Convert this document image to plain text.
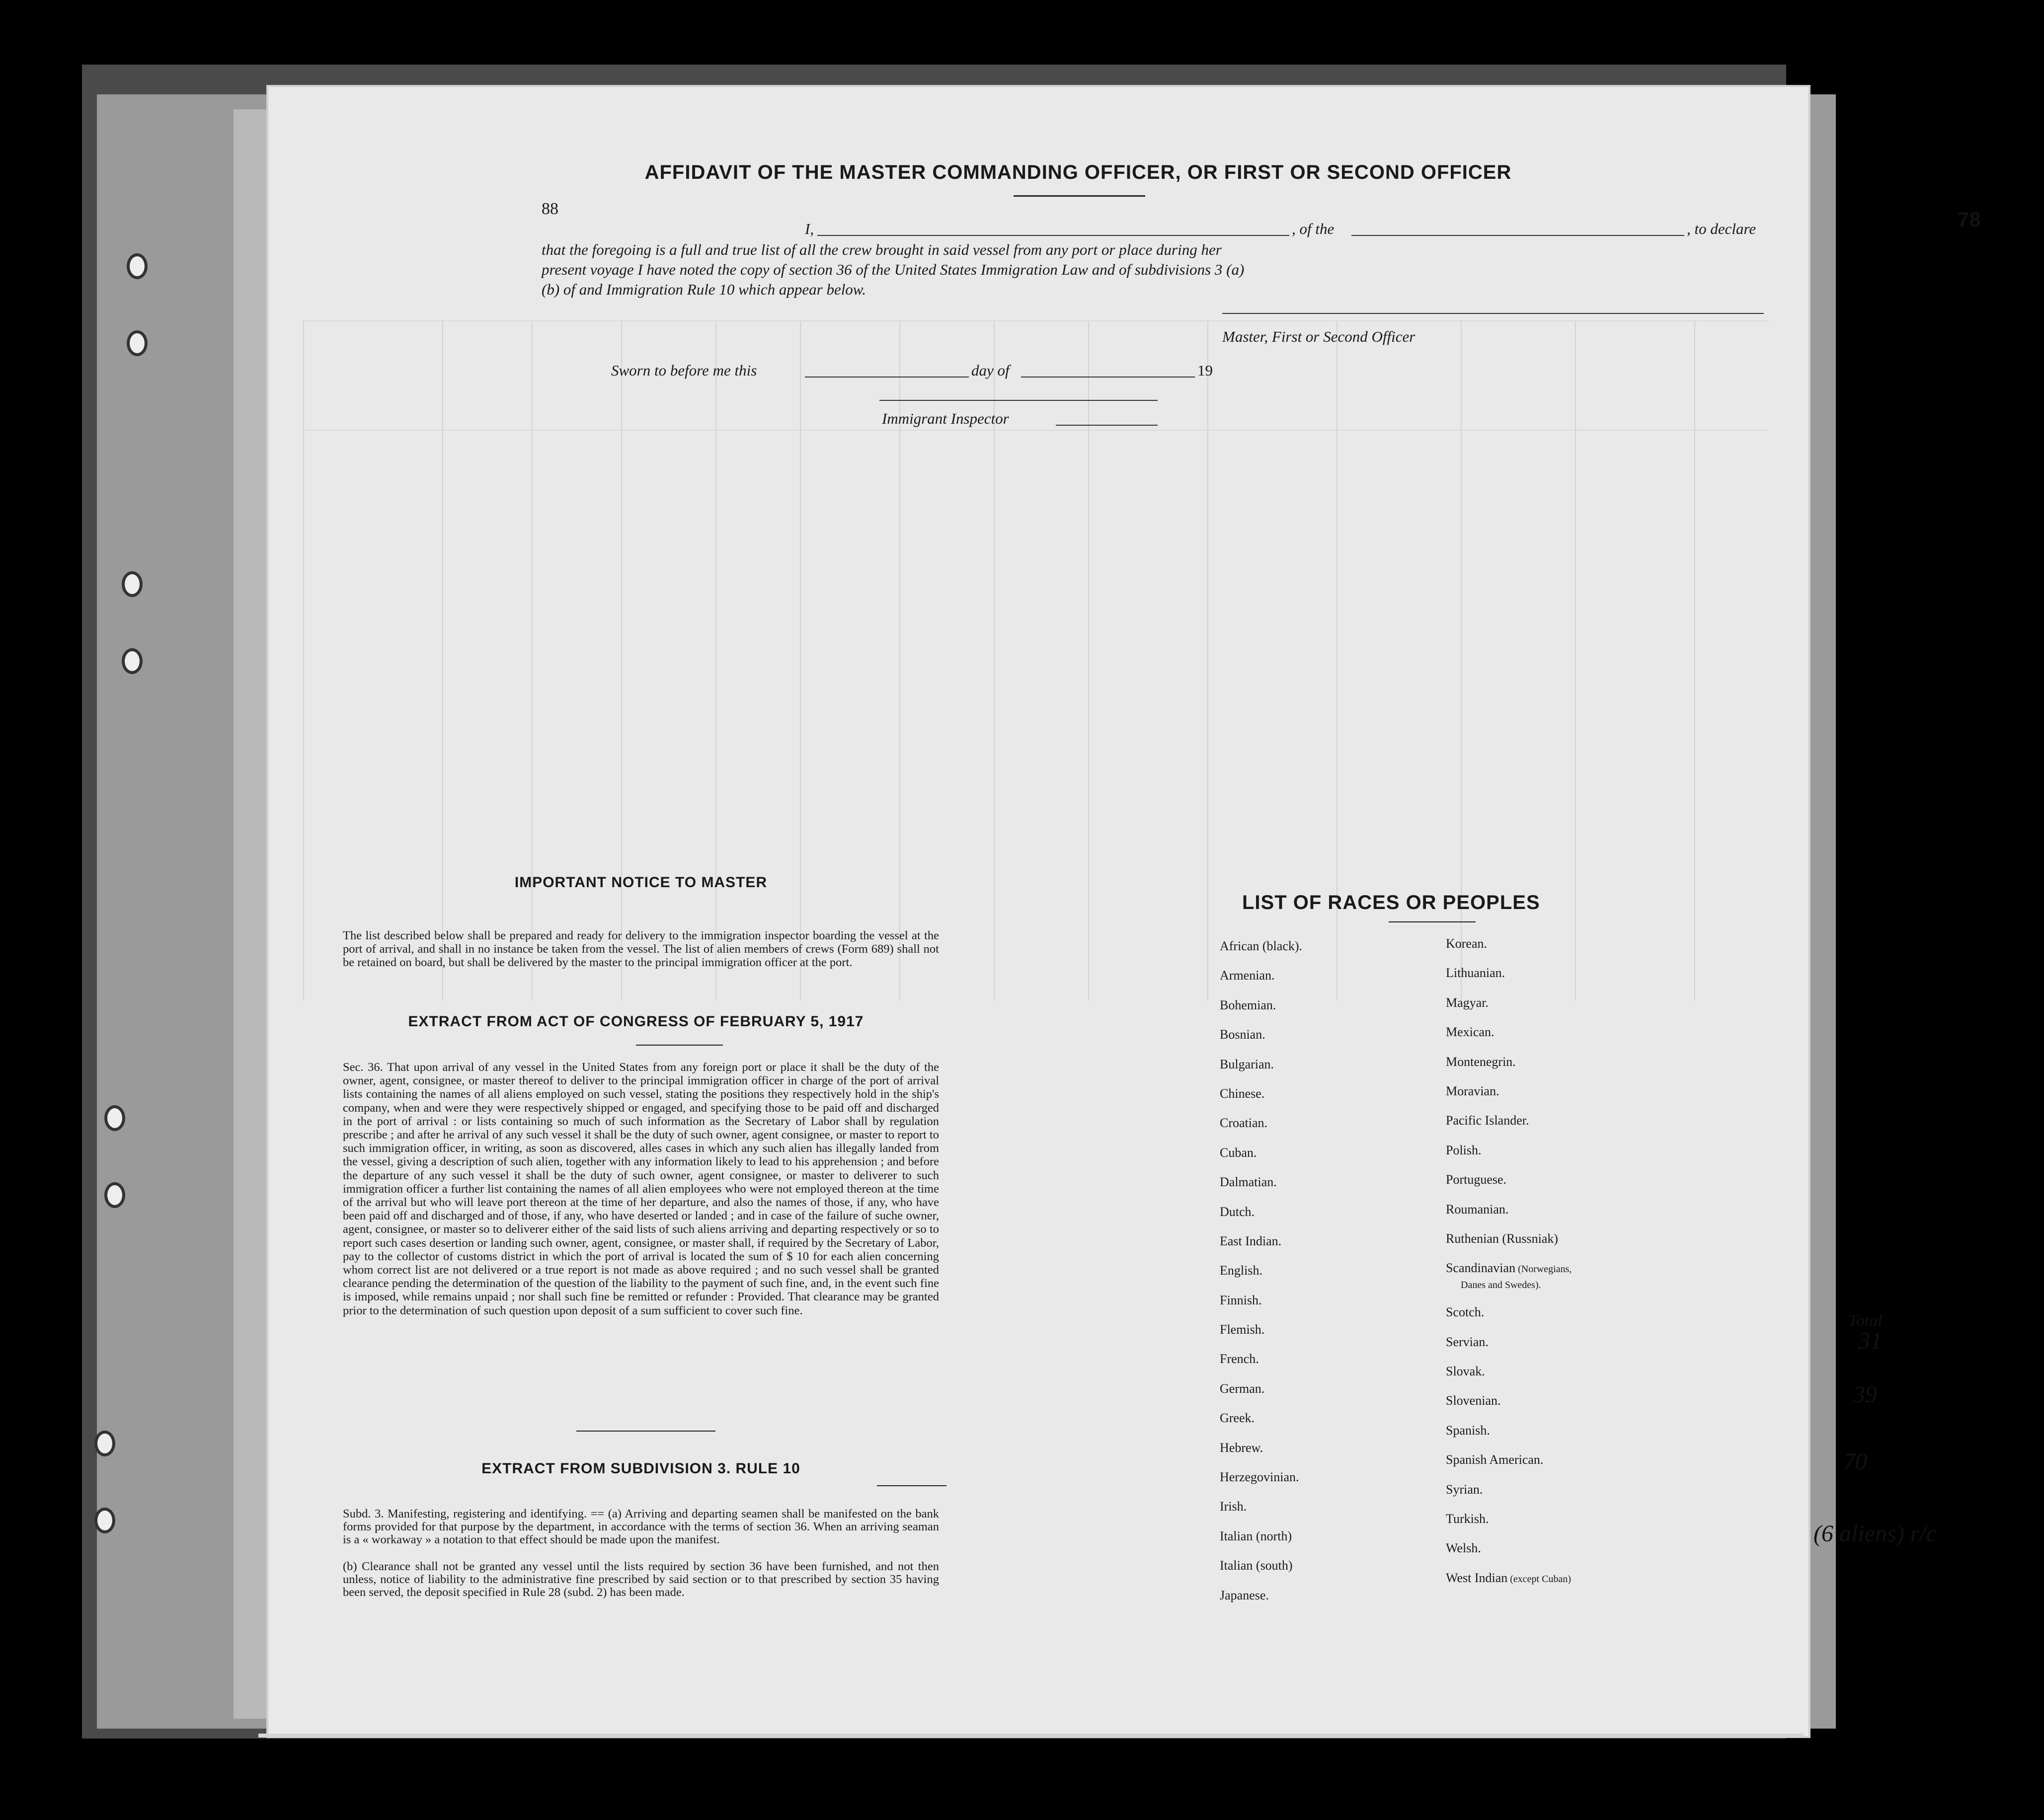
78
Total
31
39
70
(6 aliens) r/c
AFFIDAVIT OF THE MASTER COMMANDING OFFICER, OR FIRST OR SECOND OFFICER
I,	, of the	, to declare
88
that the foregoing is a full and true list of all the crew brought in said vessel from any port or place during her
present voyage I have noted the copy of section 36 of the United States Immigration Law and of subdivisions 3 (a)
(b) of and Immigration Rule 10 which appear below.
Master, First or Second Officer
Sworn to before me this	day of	19
Immigrant Inspector
IMPORTANT NOTICE TO MASTER
The list described below shall be prepared and ready for delivery to the immigration inspector boarding the vessel at the port of arrival, and shall in no instance be taken from the vessel. The list of alien members of crews (Form 689) shall not be retained on board, but shall be delivered by the master to the principal immigration officer at the port.
EXTRACT FROM ACT OF CONGRESS OF FEBRUARY 5, 1917
Sec. 36. That upon arrival of any vessel in the United States from any foreign port or place it shall be the duty of the owner, agent, consignee, or master thereof to deliver to the principal immigration officer in charge of the port of arrival lists containing the names of all aliens employed on such vessel, stating the positions they respectively hold in the ship's company, when and were they were respectively shipped or engaged, and specifying those to be paid off and discharged in the port of arrival : or lists containing so much of such information as the Secretary of Labor shall by regulation prescribe ; and after he arrival of any such vessel it shall be the duty of such owner, agent consignee, or master to report to such immigration officer, in writing, as soon as discovered, alles cases in which any such alien has illegally landed from the vessel, giving a description of such alien, together with any information likely to lead to his apprehension ; and before the departure of any such vessel it shall be the duty of such owner, agent consignee, or master to deliverer to such immigration officer a further list containing the names of all alien employees who were not employed thereon at the time of the arrival but who will leave port thereon at the time of her departure, and also the names of those, if any, who have been paid off and discharged and of those, if any, who have deserted or landed ; and in case of the failure of suche owner, agent, consignee, or master so to deliverer either of the said lists of such aliens arriving and departing respectively or so to report such cases desertion or landing such owner, agent, consignee, or master shall, if required by the Secretary of Labor, pay to the collector of customs district in which the port of arrival is located the sum of $ 10 for each alien concerning whom correct list are not delivered or a true report is not made as above required ; and no such vessel shall be granted clearance pending the determination of the question of the liability to the payment of such fine, and, in the event such fine is imposed, while remains unpaid ; nor shall such fine be remitted or refunder : Provided. That clearance may be granted prior to the determination of such question upon deposit of a sum sufficient to cover such fine.
EXTRACT FROM SUBDIVISION 3. RULE 10
Subd. 3. Manifesting, registering and identifying. == (a) Arriving and departing seamen shall be manifested on the bank forms provided for that purpose by the department, in accordance with the terms of section 36. When an arriving seaman is a « workaway » a notation to that effect should be made upon the manifest.
(b) Clearance shall not be granted any vessel until the lists required by section 36 have been furnished, and not then unless, notice of liability to the administrative fine prescribed by said section or to that prescribed by section 35 having been served, the deposit specified in Rule 28 (subd. 2) has been made.
LIST OF RACES OR PEOPLES
African (black).
Armenian.
Bohemian.
Bosnian.
Bulgarian.
Chinese.
Croatian.
Cuban.
Dalmatian.
Dutch.
East Indian.
English.
Finnish.
Flemish.
French.
German.
Greek.
Hebrew.
Herzegovinian.
Irish.
Italian (north)
Italian (south)
Japanese.
Korean.
Lithuanian.
Magyar.
Mexican.
Montenegrin.
Moravian.
Pacific Islander.
Polish.
Portuguese.
Roumanian.
Ruthenian (Russniak)
Scandinavian (Norwegians,
Danes and Swedes).
Scotch.
Servian.
Slovak.
Slovenian.
Spanish.
Spanish American.
Syrian.
Turkish.
Welsh.
West Indian (except Cuban)
